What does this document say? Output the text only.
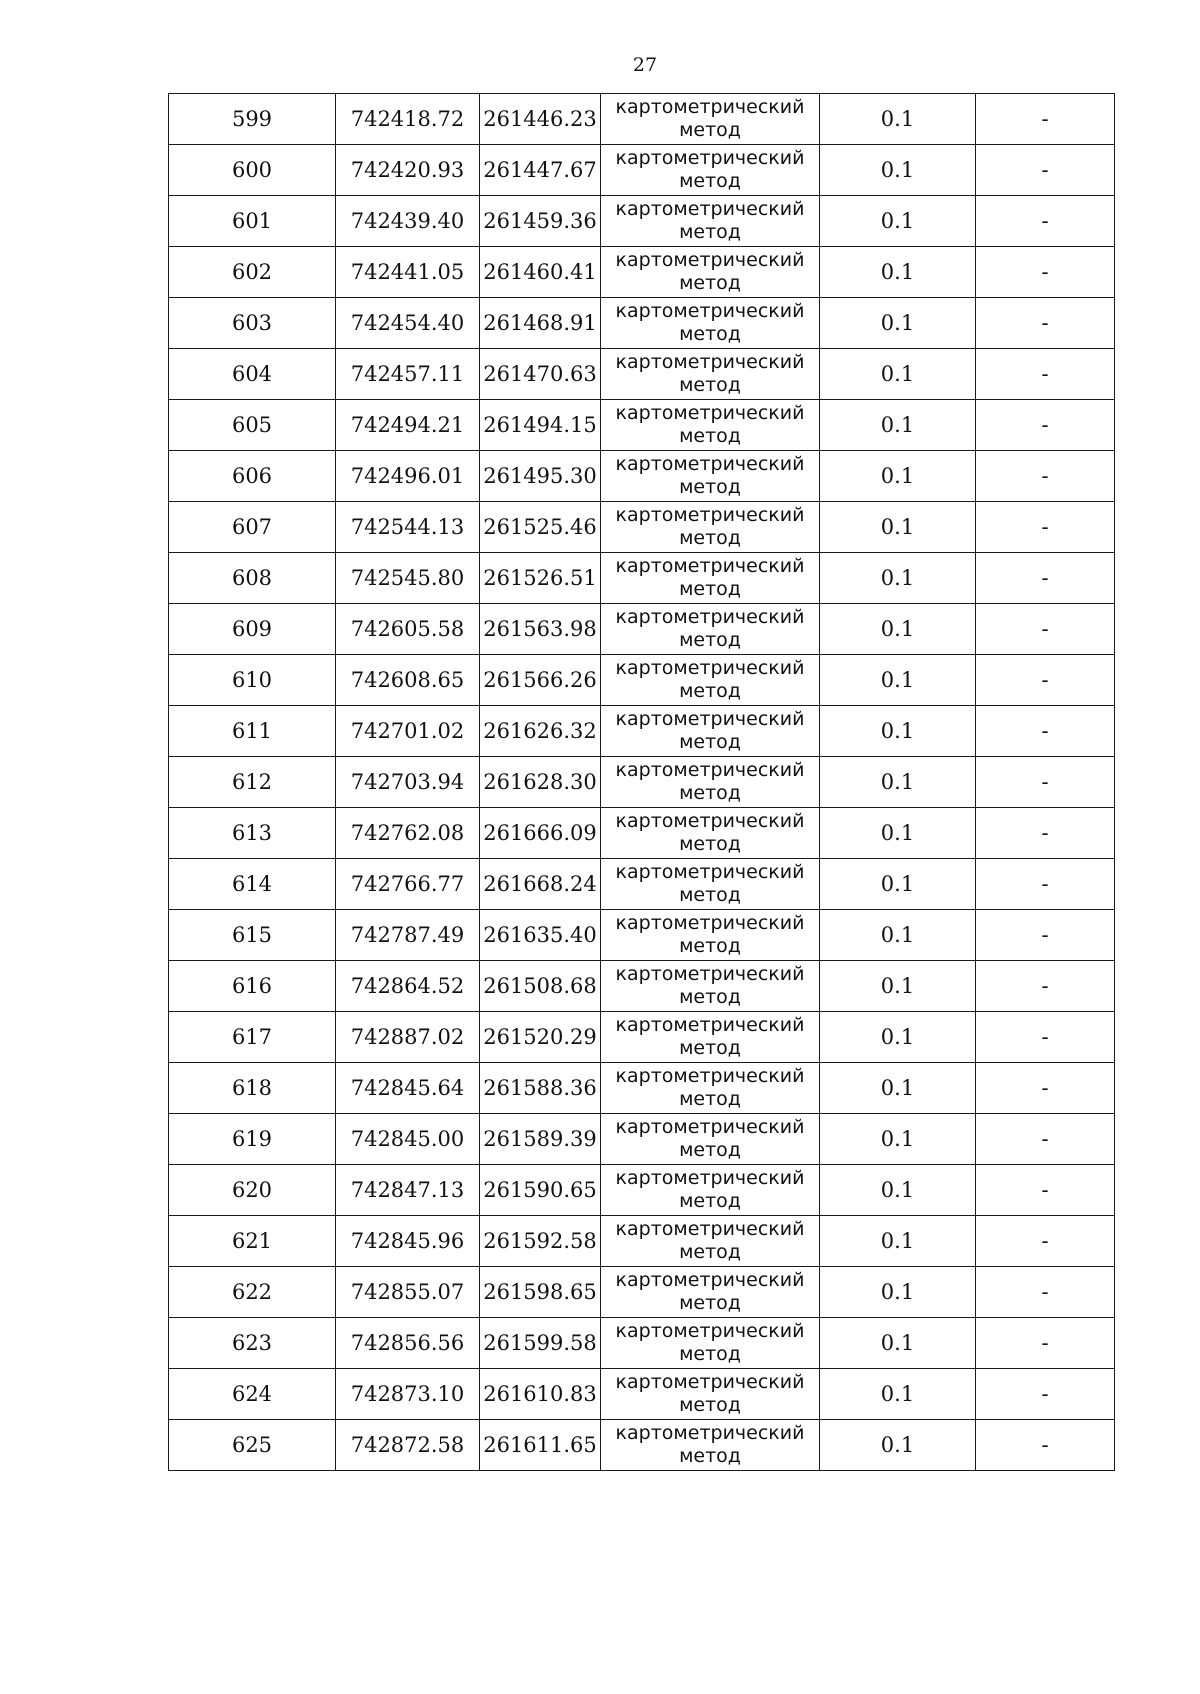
27
599	742418.72	261446.23	картометрический
метод	0.1	-
600	742420.93	261447.67	картометрический
метод	0.1	-
601	742439.40	261459.36	картометрический
метод	0.1	-
602	742441.05	261460.41	картометрический
метод	0.1	-
603	742454.40	261468.91	картометрический
метод	0.1	-
604	742457.11	261470.63	картометрический
метод	0.1	-
605	742494.21	261494.15	картометрический
метод	0.1	-
606	742496.01	261495.30	картометрический
метод	0.1	-
607	742544.13	261525.46	картометрический
метод	0.1	-
608	742545.80	261526.51	картометрический
метод	0.1	-
609	742605.58	261563.98	картометрический
метод	0.1	-
610	742608.65	261566.26	картометрический
метод	0.1	-
611	742701.02	261626.32	картометрический
метод	0.1	-
612	742703.94	261628.30	картометрический
метод	0.1	-
613	742762.08	261666.09	картометрический
метод	0.1	-
614	742766.77	261668.24	картометрический
метод	0.1	-
615	742787.49	261635.40	картометрический
метод	0.1	-
616	742864.52	261508.68	картометрический
метод	0.1	-
617	742887.02	261520.29	картометрический
метод	0.1	-
618	742845.64	261588.36	картометрический
метод	0.1	-
619	742845.00	261589.39	картометрический
метод	0.1	-
620	742847.13	261590.65	картометрический
метод	0.1	-
621	742845.96	261592.58	картометрический
метод	0.1	-
622	742855.07	261598.65	картометрический
метод	0.1	-
623	742856.56	261599.58	картометрический
метод	0.1	-
624	742873.10	261610.83	картометрический
метод	0.1	-
625	742872.58	261611.65	картометрический
метод	0.1	-
